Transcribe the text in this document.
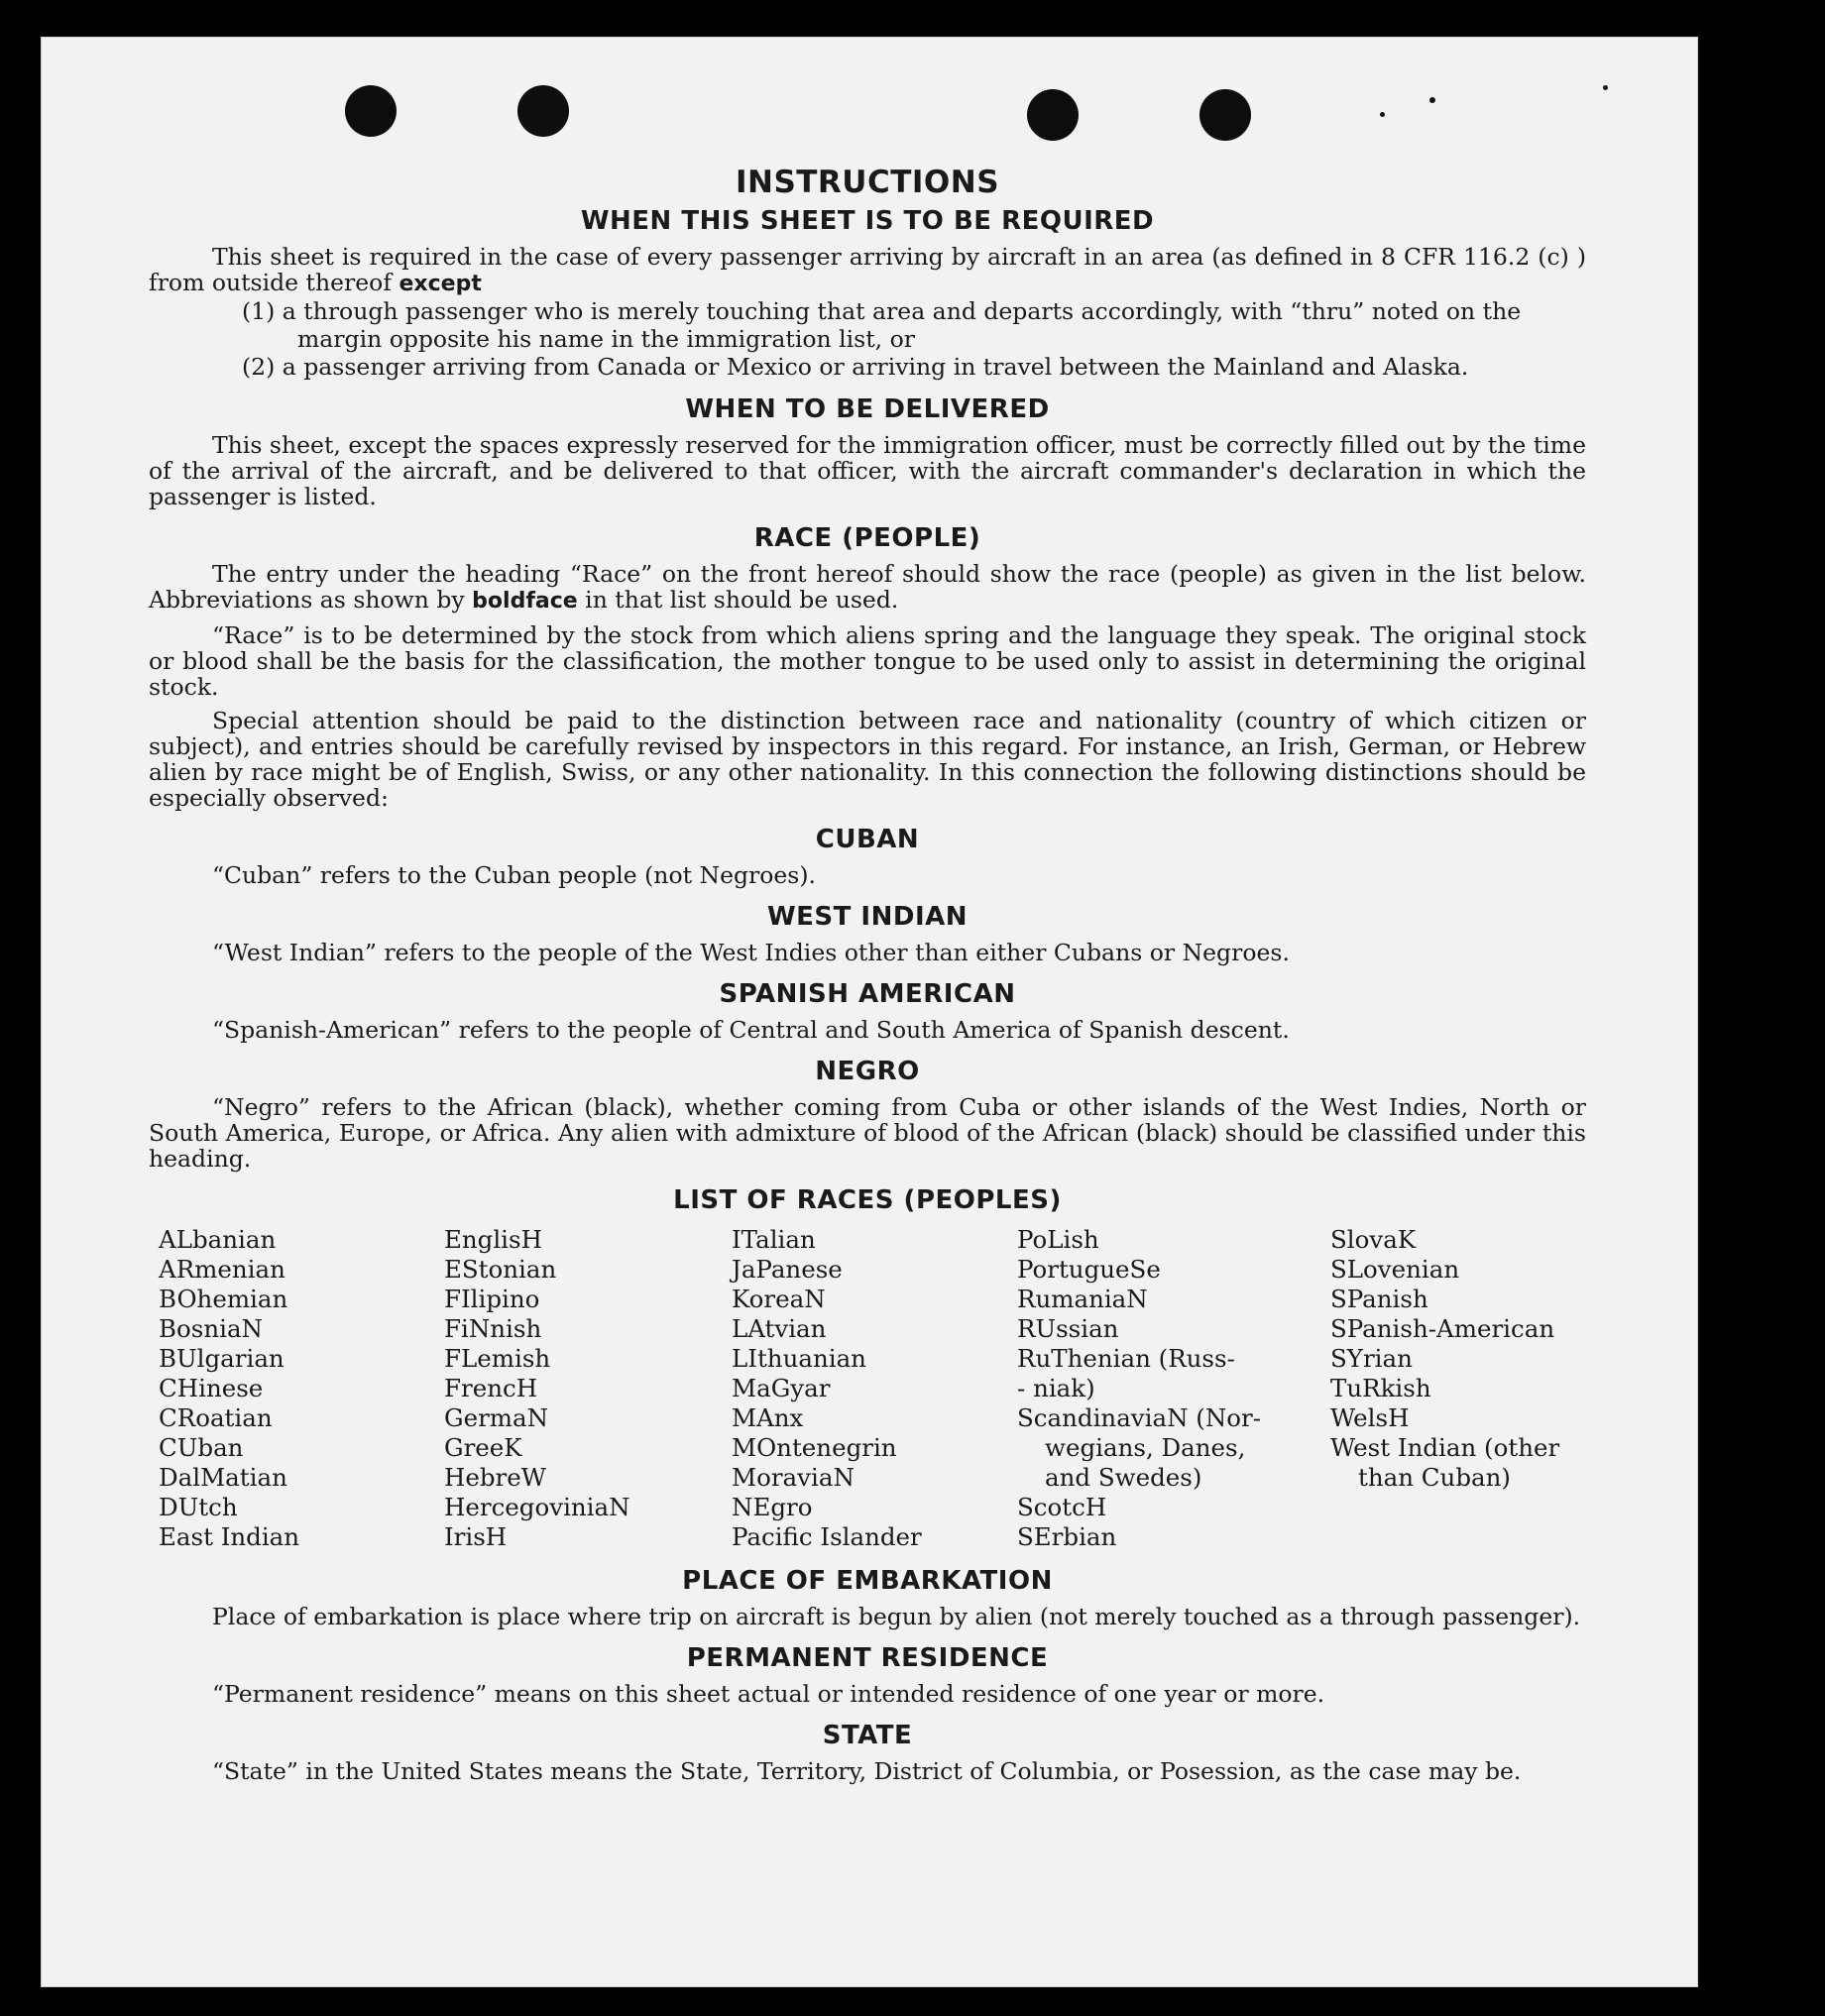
INSTRUCTIONS
WHEN THIS SHEET IS TO BE REQUIRED

This sheet is required in the case of every passenger arriving by aircraft in an area (as defined in 8 CFR 116.2 (c) ) from outside thereof except

(1) a through passenger who is merely touching that area and departs accordingly, with “thru” noted on the margin opposite his name in the immigration list, or
(2) a passenger arriving from Canada or Mexico or arriving in travel between the Mainland and Alaska.
WHEN TO BE DELIVERED

This sheet, except the spaces expressly reserved for the immigration officer, must be correctly filled out by the time of the arrival of the aircraft, and be delivered to that officer, with the aircraft commander's declaration in which the passenger is listed.

RACE (PEOPLE)

The entry under the heading “Race” on the front hereof should show the race (people) as given in the list below. Abbreviations as shown by boldface in that list should be used.

“Race” is to be determined by the stock from which aliens spring and the language they speak. The original stock or blood shall be the basis for the classification, the mother tongue to be used only to assist in determining the original stock.

Special attention should be paid to the distinction between race and nationality (country of which citizen or subject), and entries should be carefully revised by inspectors in this regard. For instance, an Irish, German, or Hebrew alien by race might be of English, Swiss, or any other nationality. In this connection the following distinctions should be especially observed:

CUBAN

“Cuban” refers to the Cuban people (not Negroes).

WEST INDIAN

“West Indian” refers to the people of the West Indies other than either Cubans or Negroes.

SPANISH AMERICAN

“Spanish-American” refers to the people of Central and South America of Spanish descent.

NEGRO

“Negro” refers to the African (black), whether coming from Cuba or other islands of the West Indies, North or South America, Europe, or Africa. Any alien with admixture of blood of the African (black) should be classified under this heading.

LIST OF RACES (PEOPLES)
ALbanian
ARmenian
BOhemian
BosniaN
BUlgarian
CHinese
CRoatian
CUban
DalMatian
DUtch
East Indian
EnglisH
EStonian
FIlipino
FiNnish
FLemish
FrencH
GermaN
GreeK
HebreW
HercegoviniaN
IrisH
ITalian
JaPanese
KoreaN
LAtvian
LIthuanian
MaGyar
MAnx
MOntenegrin
MoraviaN
NEgro
Pacific Islander
PoLish
PortugueSe
RumaniaN
RUssian
RuThenian (Russ-
- niak)
ScandinaviaN (Nor-
wegians, Danes,
and Swedes)
ScotcH
SErbian
SlovaK
SLovenian
SPanish
SPanish-American
SYrian
TuRkish
WelsH
West Indian (other
than Cuban)
PLACE OF EMBARKATION

Place of embarkation is place where trip on aircraft is begun by alien (not merely touched as a through passenger).

PERMANENT RESIDENCE

“Permanent residence” means on this sheet actual or intended residence of one year or more.

STATE

“State” in the United States means the State, Territory, District of Columbia, or Posession, as the case may be.
